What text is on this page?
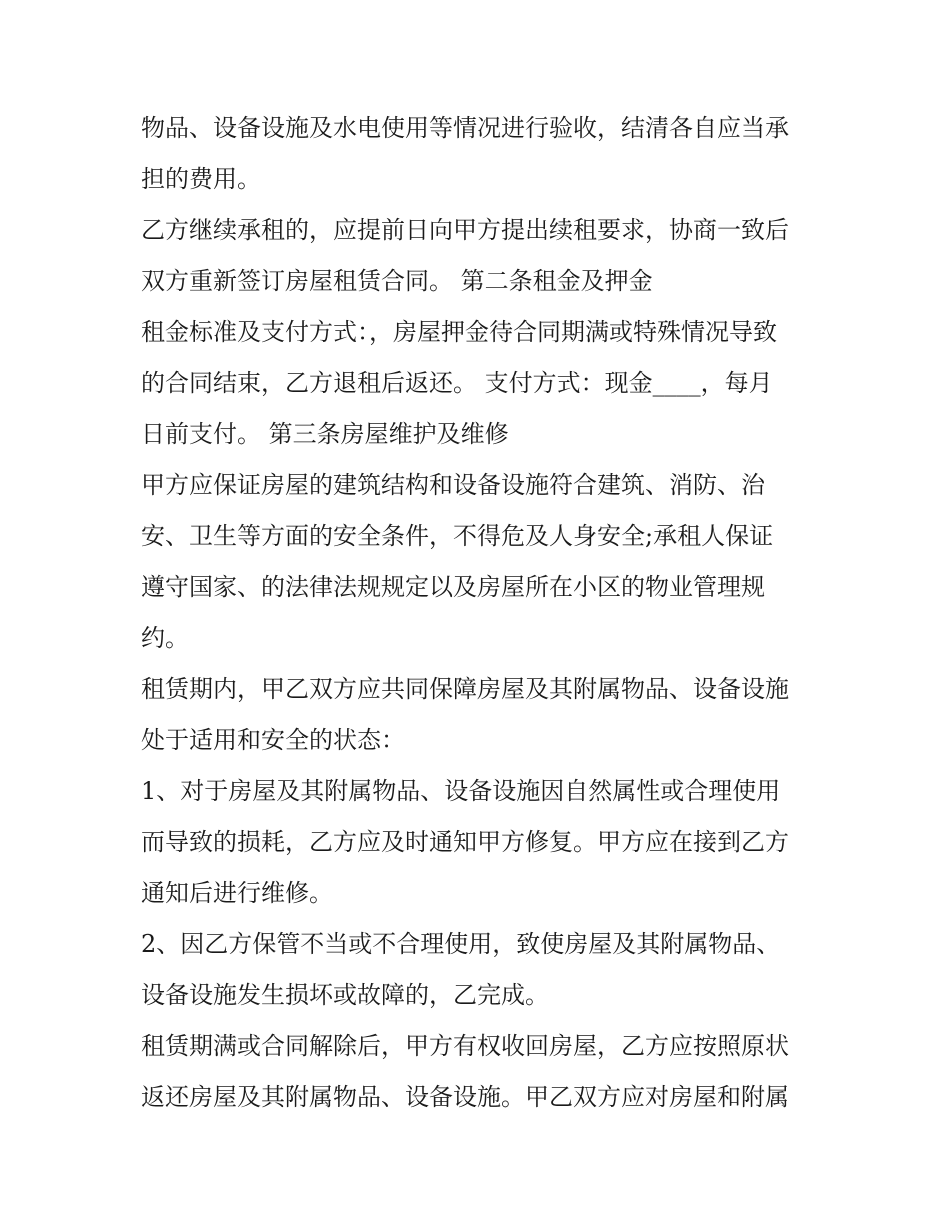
物品、设备设施及水电使用等情况进行验收，结清各自应当承
担的费用。
乙方继续承租的，应提前日向甲方提出续租要求，协商一致后
双方重新签订房屋租赁合同。 第二条租金及押金
租金标准及支付方式：，房屋押金待合同期满或特殊情况导致
的合同结束，乙方退租后返还。 支付方式：现金____，每月
日前支付。 第三条房屋维护及维修
甲方应保证房屋的建筑结构和设备设施符合建筑、消防、治
安、卫生等方面的安全条件，不得危及人身安全;承租人保证
遵守国家、的法律法规规定以及房屋所在小区的物业管理规
约。
租赁期内，甲乙双方应共同保障房屋及其附属物品、设备设施
处于适用和安全的状态：
1、对于房屋及其附属物品、设备设施因自然属性或合理使用
而导致的损耗，乙方应及时通知甲方修复。甲方应在接到乙方
通知后进行维修。
2、因乙方保管不当或不合理使用，致使房屋及其附属物品、
设备设施发生损坏或故障的，乙完成。
租赁期满或合同解除后，甲方有权收回房屋，乙方应按照原状
返还房屋及其附属物品、设备设施。甲乙双方应对房屋和附属
